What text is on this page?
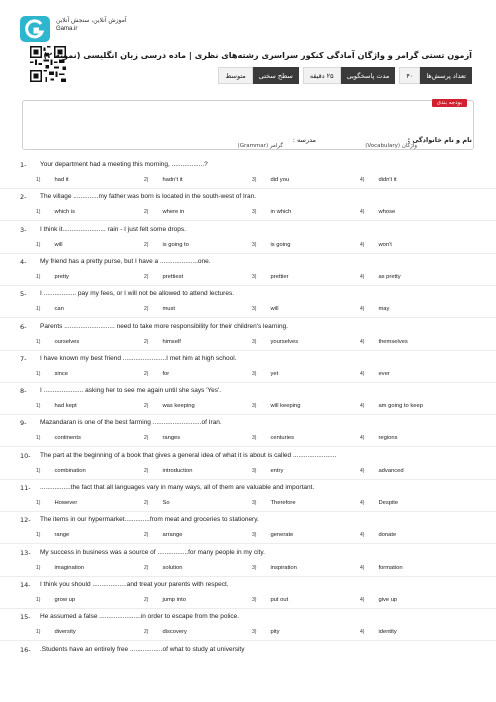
آموزش آنلاین، سنجش آنلاین
Gama.ir
آزمون تستی گرامر و واژگان آمادگی کنکور سراسری رشته‌های نظری | ماده درسی زبان انگلیسی (نمونه ۲)
تعداد پرسش‌ها
۴۰
مدت پاسخگویی
۲۵ دقیقه
سطح سختی
متوسط
بودجه بندی
واژگان (Vocabulary)
گرامر (Grammar)
نام و نام خانوادگی :
مدرسه :
1- Your department had a meeting this morning, ..................?
1) had it	2) hadn't it	3) did you	4) didn't it
2- The village ..............my father was born is located in the south-west of Iran.
1) which is	2) where in	3) in which	4) whose
3- I think it........................ rain - I just felt some drops.
1) will	2) is going to	3) is going	4) won't
4- My friend has a pretty purse, but I have a .....................one.
1) pretty	2) prettiest	3) prettier	4) as pretty
5- I .................. pay my fees, or I will not be allowed to attend lectures.
1) can	2) must	3) will	4) may
6- Parents ............................ need to take more responsibility for their children's learning.
1) ourselves	2) himself	3) yourselves	4) themselves
7- I have known my best friend ........................I met him at high school.
1) since	2) for	3) yet	4) ever
8- I ...................... asking her to see me again until she says 'Yes'.
1) had kept	2) was keeping	3) will keeping	4) am going to keep
9- Mazandaran is one of the best farming ...........................of Iran.
1) continents	2) ranges	3) centuries	4) regions
10- The part at the beginning of a book that gives a general idea of what it is about is called ........................
1) combination	2) introduction	3) entry	4) advanced
11- .................the fact that all languages vary in many ways, all of them are valuable and important.
1) However	2) So	3) Therefore	4) Despite
12- The items in our hypermarket..............from meat and groceries to stationery.
1) range	2) arrange	3) generate	4) donate
13- My success in business was a source of .................for many people in my city.
1) imagination	2) solution	3) inspiration	4) formation
14- I think you should ...................and treat your parents with respect.
1) grow up	2) jump into	3) put out	4) give up
15- He assumed a false .......................in order to escape from the police.
1) diversity	2) discovery	3) pity	4) identity
16- .Students have an entirely free ..................of what to study at university
